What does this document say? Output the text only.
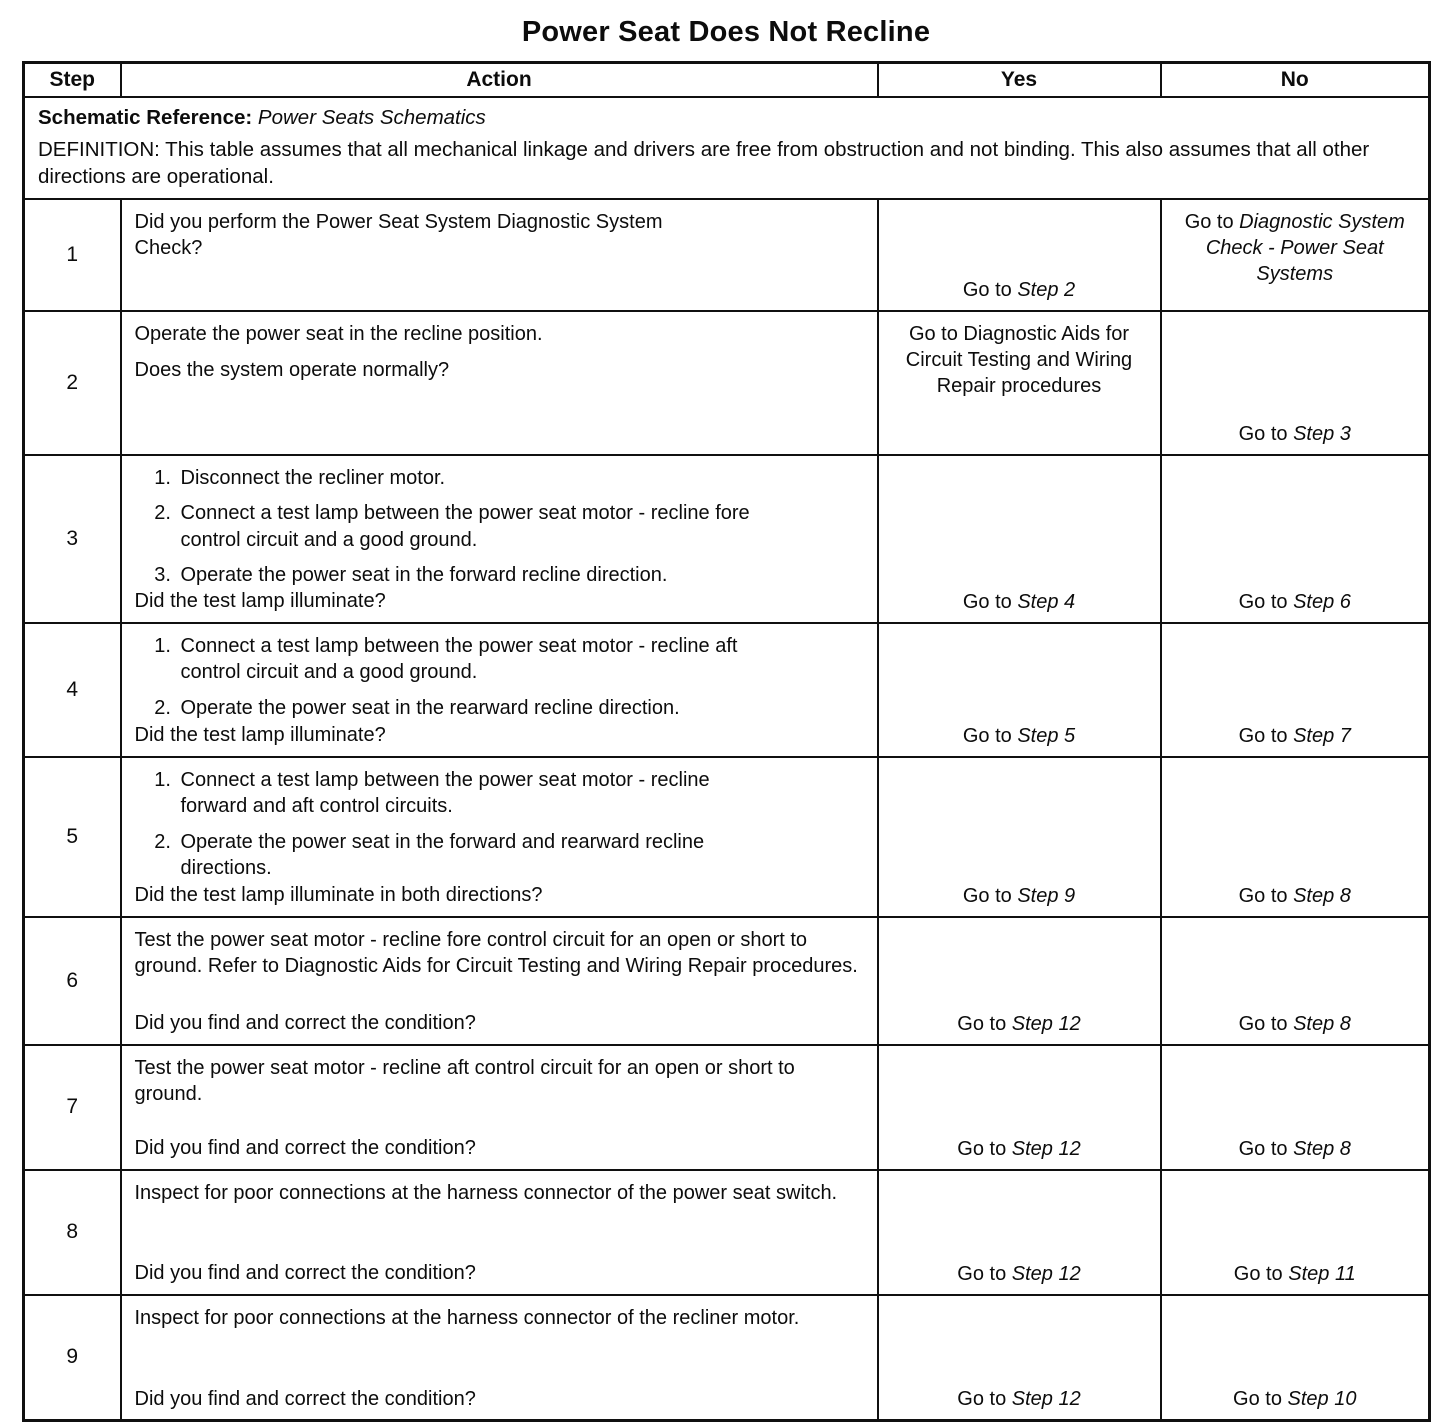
Power Seat Does Not Recline
Step	Action	Yes	No

Schematic Reference: Power Seats Schematics

DEFINITION: This table assumes that all mechanical linkage and drivers are free from obstruction and not binding. This also assumes that all other directions are operational.			

1	Did you perform the Power Seat System Diagnostic System Check?	Go to Step 2	Go to Diagnostic System Check - Power Seat Systems

2	Operate the power seat in the recline position.

Does the system operate normally?	Go to Diagnostic Aids for Circuit Testing and Wiring Repair procedures	Go to Step 3

3	
1. Disconnect the recliner motor.
2. Connect a test lamp between the power seat motor - recline fore control circuit and a good ground.
3. Operate the power seat in the forward recline direction.

Did the test lamp illuminate?	Go to Step 4	Go to Step 6

4	
1. Connect a test lamp between the power seat motor - recline aft control circuit and a good ground.
2. Operate the power seat in the rearward recline direction.

Did the test lamp illuminate?	Go to Step 5	Go to Step 7

5	
1. Connect a test lamp between the power seat motor - recline forward and aft control circuits.
2. Operate the power seat in the forward and rearward recline directions.

Did the test lamp illuminate in both directions?	Go to Step 9	Go to Step 8

6	Test the power seat motor - recline fore control circuit for an open or short to ground. Refer to Diagnostic Aids for Circuit Testing and Wiring Repair procedures.

Did you find and correct the condition?	Go to Step 12	Go to Step 8

7	Test the power seat motor - recline aft control circuit for an open or short to ground.

Did you find and correct the condition?	Go to Step 12	Go to Step 8

8	Inspect for poor connections at the harness connector of the power seat switch.

Did you find and correct the condition?	Go to Step 12	Go to Step 11

9	Inspect for poor connections at the harness connector of the recliner motor.

Did you find and correct the condition?	Go to Step 12	Go to Step 10
